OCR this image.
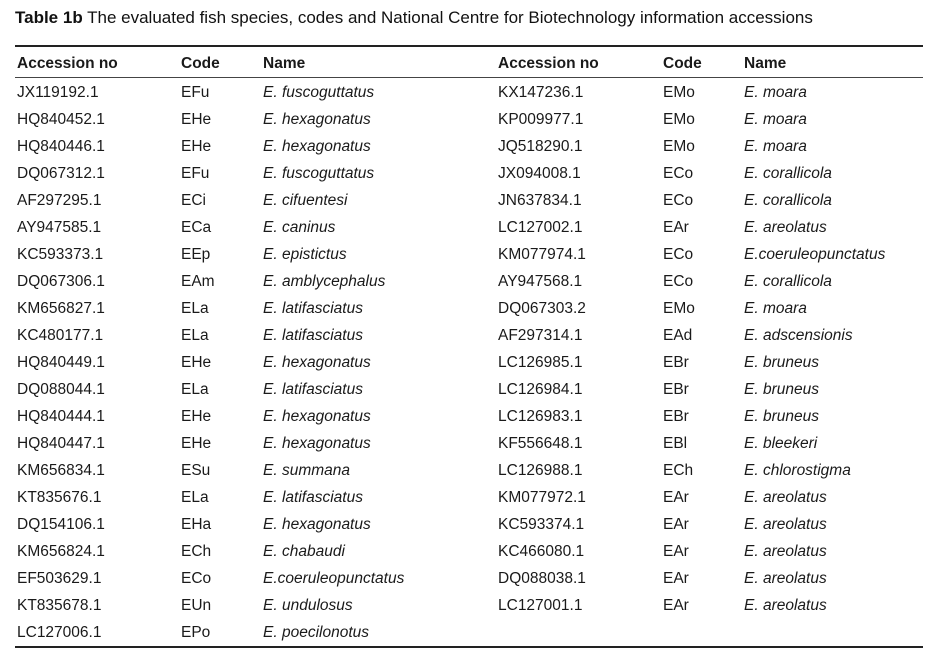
Table 1b The evaluated fish species, codes and National Centre for Biotechnology information accessions
Accession no	Code	Name	Accession no	Code	Name
JX119192.1	EFu	E. fuscoguttatus	KX147236.1	EMo	E. moara
HQ840452.1	EHe	E. hexagonatus	KP009977.1	EMo	E. moara
HQ840446.1	EHe	E. hexagonatus	JQ518290.1	EMo	E. moara
DQ067312.1	EFu	E. fuscoguttatus	JX094008.1	ECo	E. corallicola
AF297295.1	ECi	E. cifuentesi	JN637834.1	ECo	E. corallicola
AY947585.1	ECa	E. caninus	LC127002.1	EAr	E. areolatus
KC593373.1	EEp	E. epistictus	KM077974.1	ECo	E.coeruleopunctatus
DQ067306.1	EAm	E. amblycephalus	AY947568.1	ECo	E. corallicola
KM656827.1	ELa	E. latifasciatus	DQ067303.2	EMo	E. moara
KC480177.1	ELa	E. latifasciatus	AF297314.1	EAd	E. adscensionis
HQ840449.1	EHe	E. hexagonatus	LC126985.1	EBr	E. bruneus
DQ088044.1	ELa	E. latifasciatus	LC126984.1	EBr	E. bruneus
HQ840444.1	EHe	E. hexagonatus	LC126983.1	EBr	E. bruneus
HQ840447.1	EHe	E. hexagonatus	KF556648.1	EBl	E. bleekeri
KM656834.1	ESu	E. summana	LC126988.1	ECh	E. chlorostigma
KT835676.1	ELa	E. latifasciatus	KM077972.1	EAr	E. areolatus
DQ154106.1	EHa	E. hexagonatus	KC593374.1	EAr	E. areolatus
KM656824.1	ECh	E. chabaudi	KC466080.1	EAr	E. areolatus
EF503629.1	ECo	E.coeruleopunctatus	DQ088038.1	EAr	E. areolatus
KT835678.1	EUn	E. undulosus	LC127001.1	EAr	E. areolatus
LC127006.1	EPo	E. poecilonotus
